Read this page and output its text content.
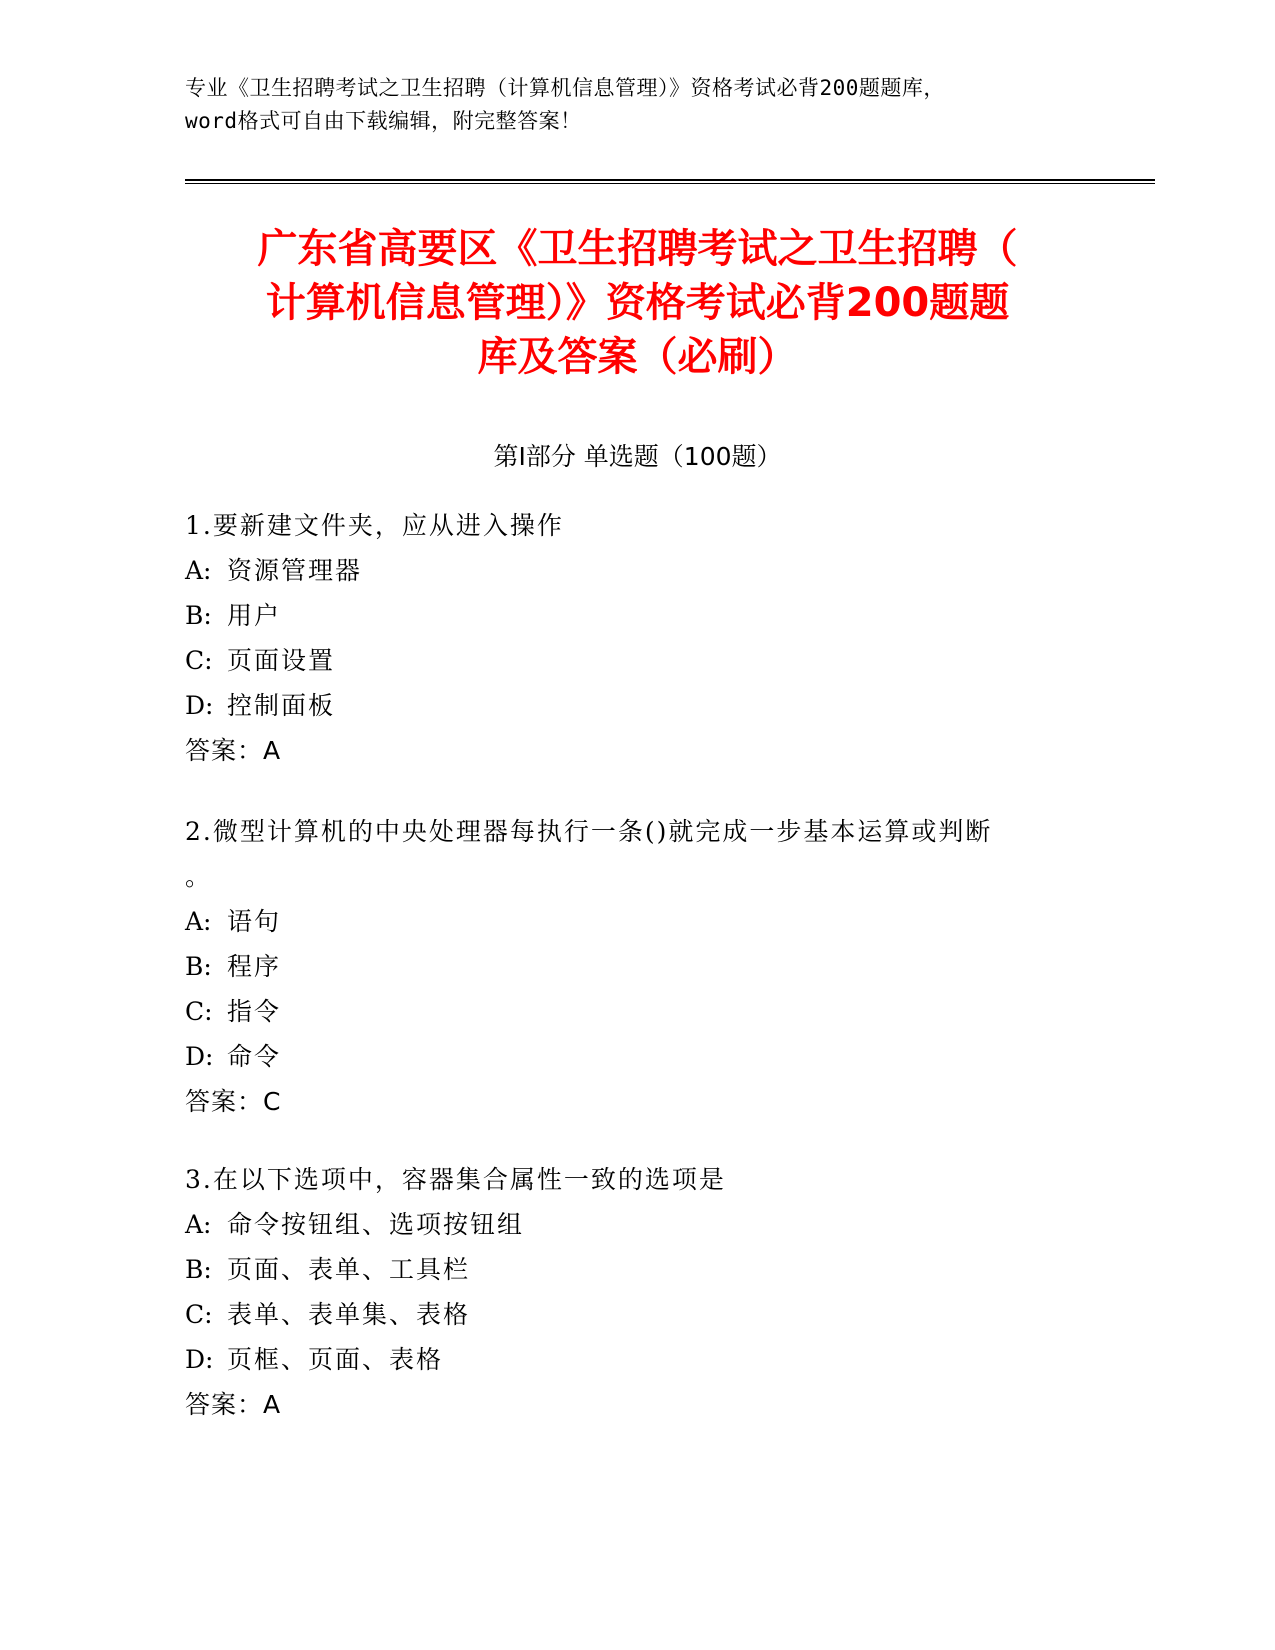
专业《卫生招聘考试之卫生招聘（计算机信息管理）》资格考试必背200题题库，
word格式可自由下载编辑，附完整答案！
广东省高要区《卫生招聘考试之卫生招聘（
计算机信息管理）》资格考试必背200题题
库及答案（必刷）
第Ⅰ部分 单选题（100题）
1.要新建文件夹，应从进入操作
A: 资源管理器
B: 用户
C: 页面设置
D: 控制面板
答案：A
2.微型计算机的中央处理器每执行一条()就完成一步基本运算或判断
。
A: 语句
B: 程序
C: 指令
D: 命令
答案：C
3.在以下选项中，容器集合属性一致的选项是
A: 命令按钮组、选项按钮组
B: 页面、表单、工具栏
C: 表单、表单集、表格
D: 页框、页面、表格
答案：A
